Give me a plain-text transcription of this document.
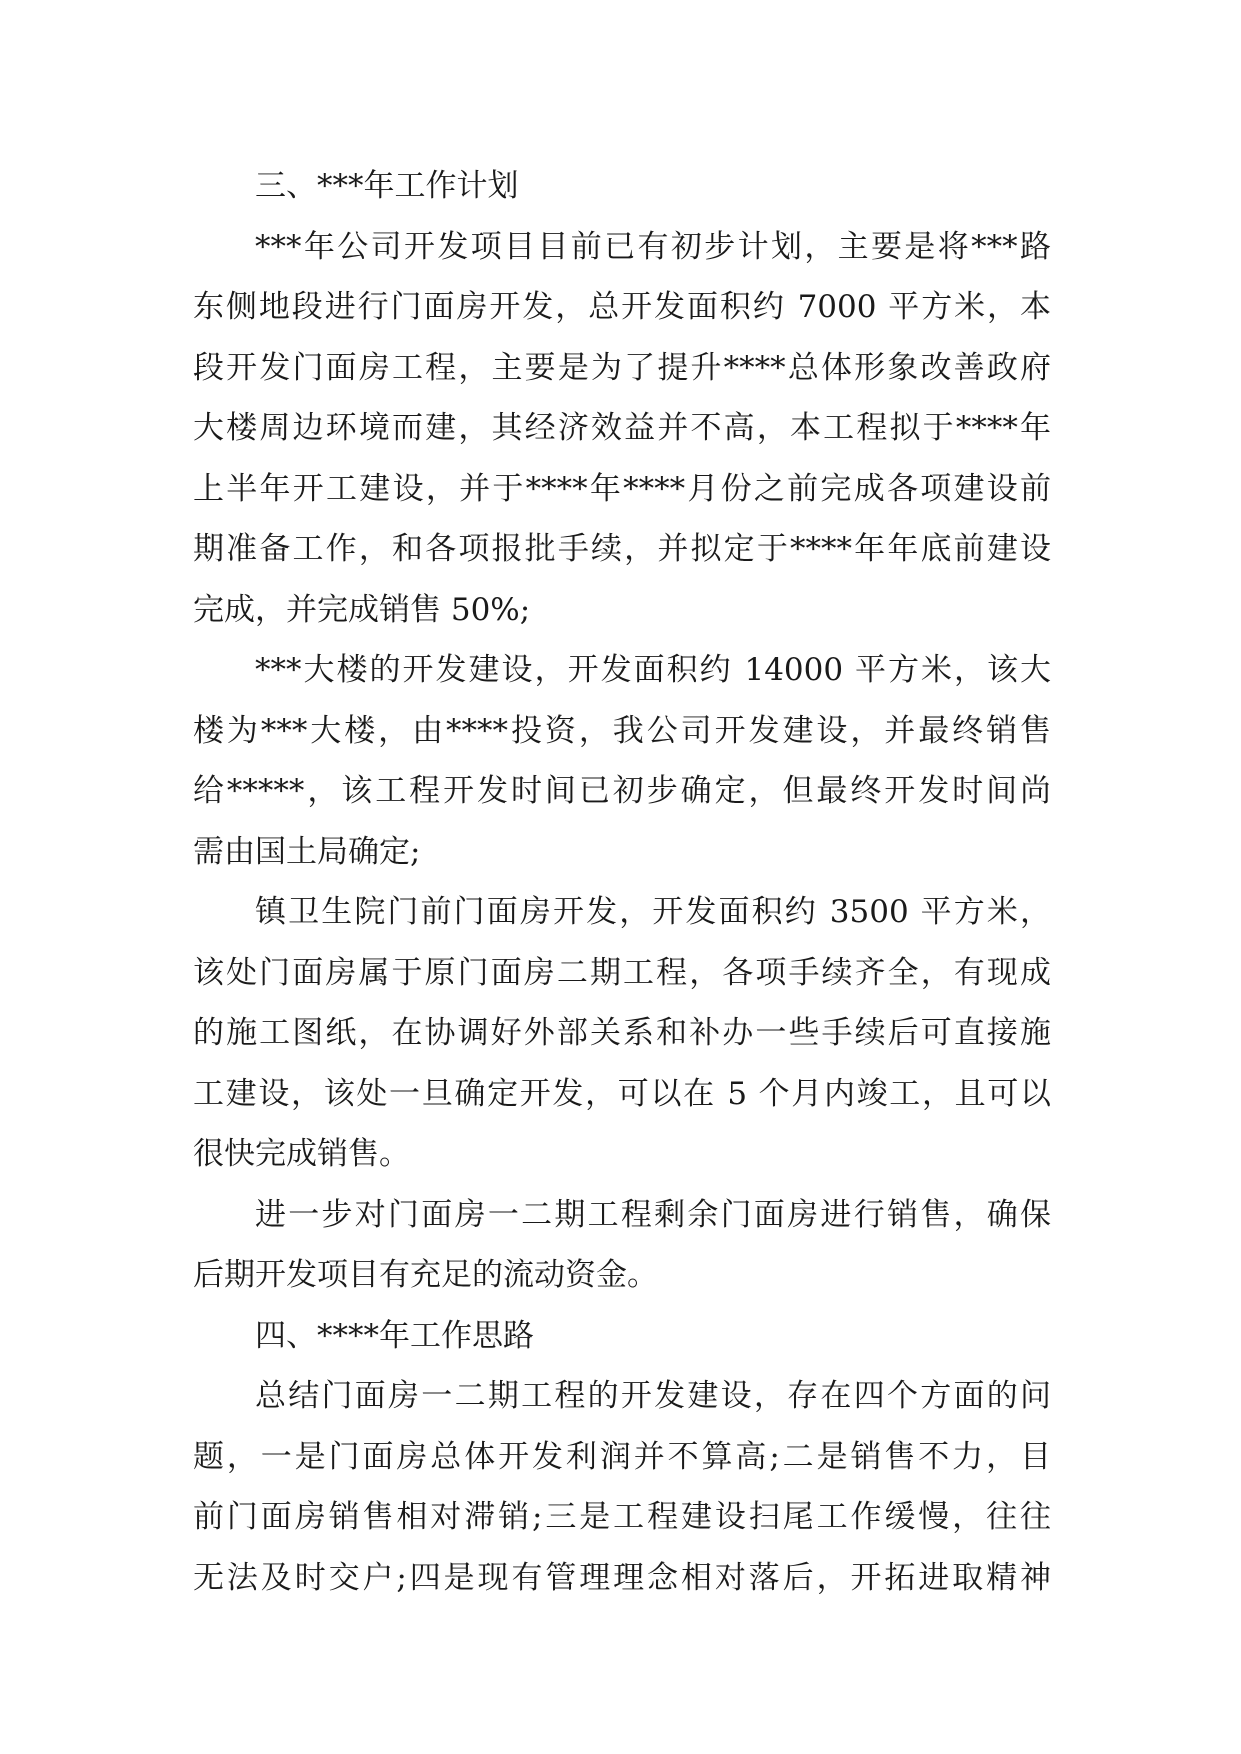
三、***年工作计划

***年公司开发项目目前已有初步计划，主要是将***路

东侧地段进行门面房开发，总开发面积约 7000 平方米，本

段开发门面房工程，主要是为了提升****总体形象改善政府

大楼周边环境而建，其经济效益并不高，本工程拟于****年

上半年开工建设，并于****年****月份之前完成各项建设前

期准备工作，和各项报批手续，并拟定于****年年底前建设

完成，并完成销售 50%;

***大楼的开发建设，开发面积约 14000 平方米，该大

楼为***大楼，由****投资，我公司开发建设，并最终销售

给*****，该工程开发时间已初步确定，但最终开发时间尚

需由国土局确定;

镇卫生院门前门面房开发，开发面积约 3500 平方米，

该处门面房属于原门面房二期工程，各项手续齐全，有现成

的施工图纸，在协调好外部关系和补办一些手续后可直接施

工建设，该处一旦确定开发，可以在 5 个月内竣工，且可以

很快完成销售。

进一步对门面房一二期工程剩余门面房进行销售，确保

后期开发项目有充足的流动资金。

四、****年工作思路

总结门面房一二期工程的开发建设，存在四个方面的问

题，一是门面房总体开发利润并不算高;二是销售不力，目

前门面房销售相对滞销;三是工程建设扫尾工作缓慢，往往

无法及时交户;四是现有管理理念相对落后，开拓进取精神
